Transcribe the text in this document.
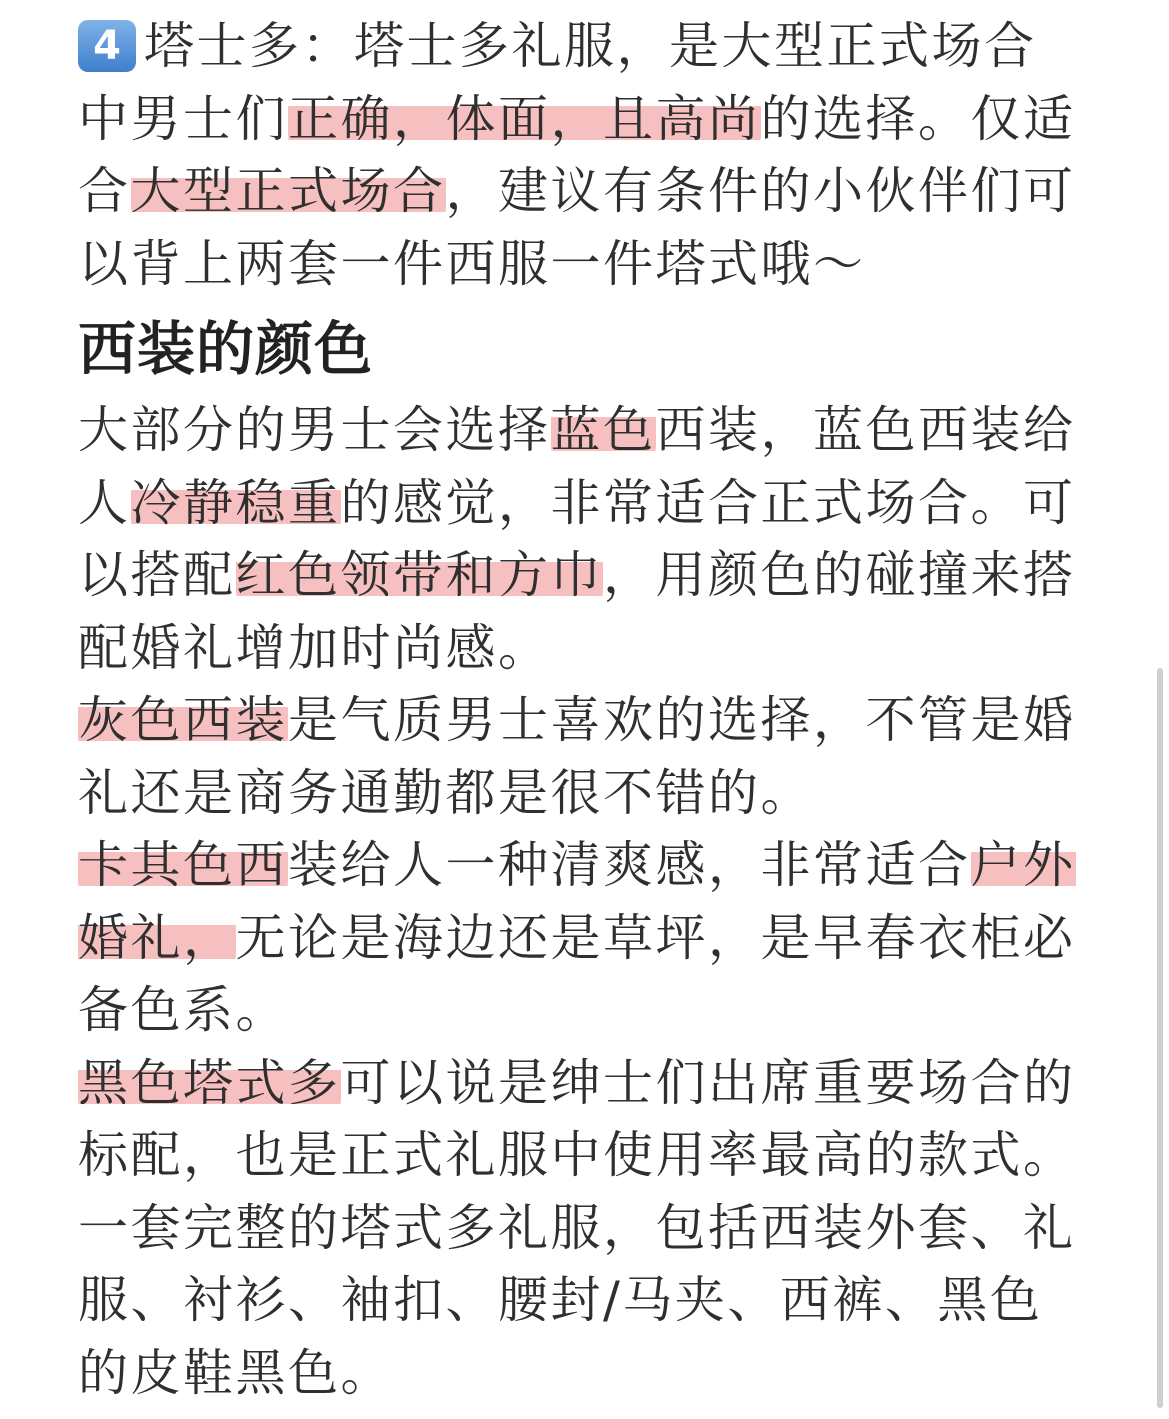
4 塔士多：塔士多礼服，是大型正式场合中男士们正确，体面，且高尚的选择。仅适合大型正式场合，建议有条件的小伙伴们可以背上两套一件西服一件塔式哦～

西装的颜色

大部分的男士会选择蓝色西装，蓝色西装给人冷静稳重的感觉，非常适合正式场合。可以搭配红色领带和方巾，用颜色的碰撞来搭配婚礼增加时尚感。

灰色西装是气质男士喜欢的选择，不管是婚礼还是商务通勤都是很不错的。

卡其色西装给人一种清爽感，非常适合户外婚礼，无论是海边还是草坪，是早春衣柜必备色系。

黑色塔式多可以说是绅士们出席重要场合的标配，也是正式礼服中使用率最高的款式。一套完整的塔式多礼服，包括西装外套、礼服、衬衫、袖扣、腰封/马夹、西裤、黑色的皮鞋黑色。
